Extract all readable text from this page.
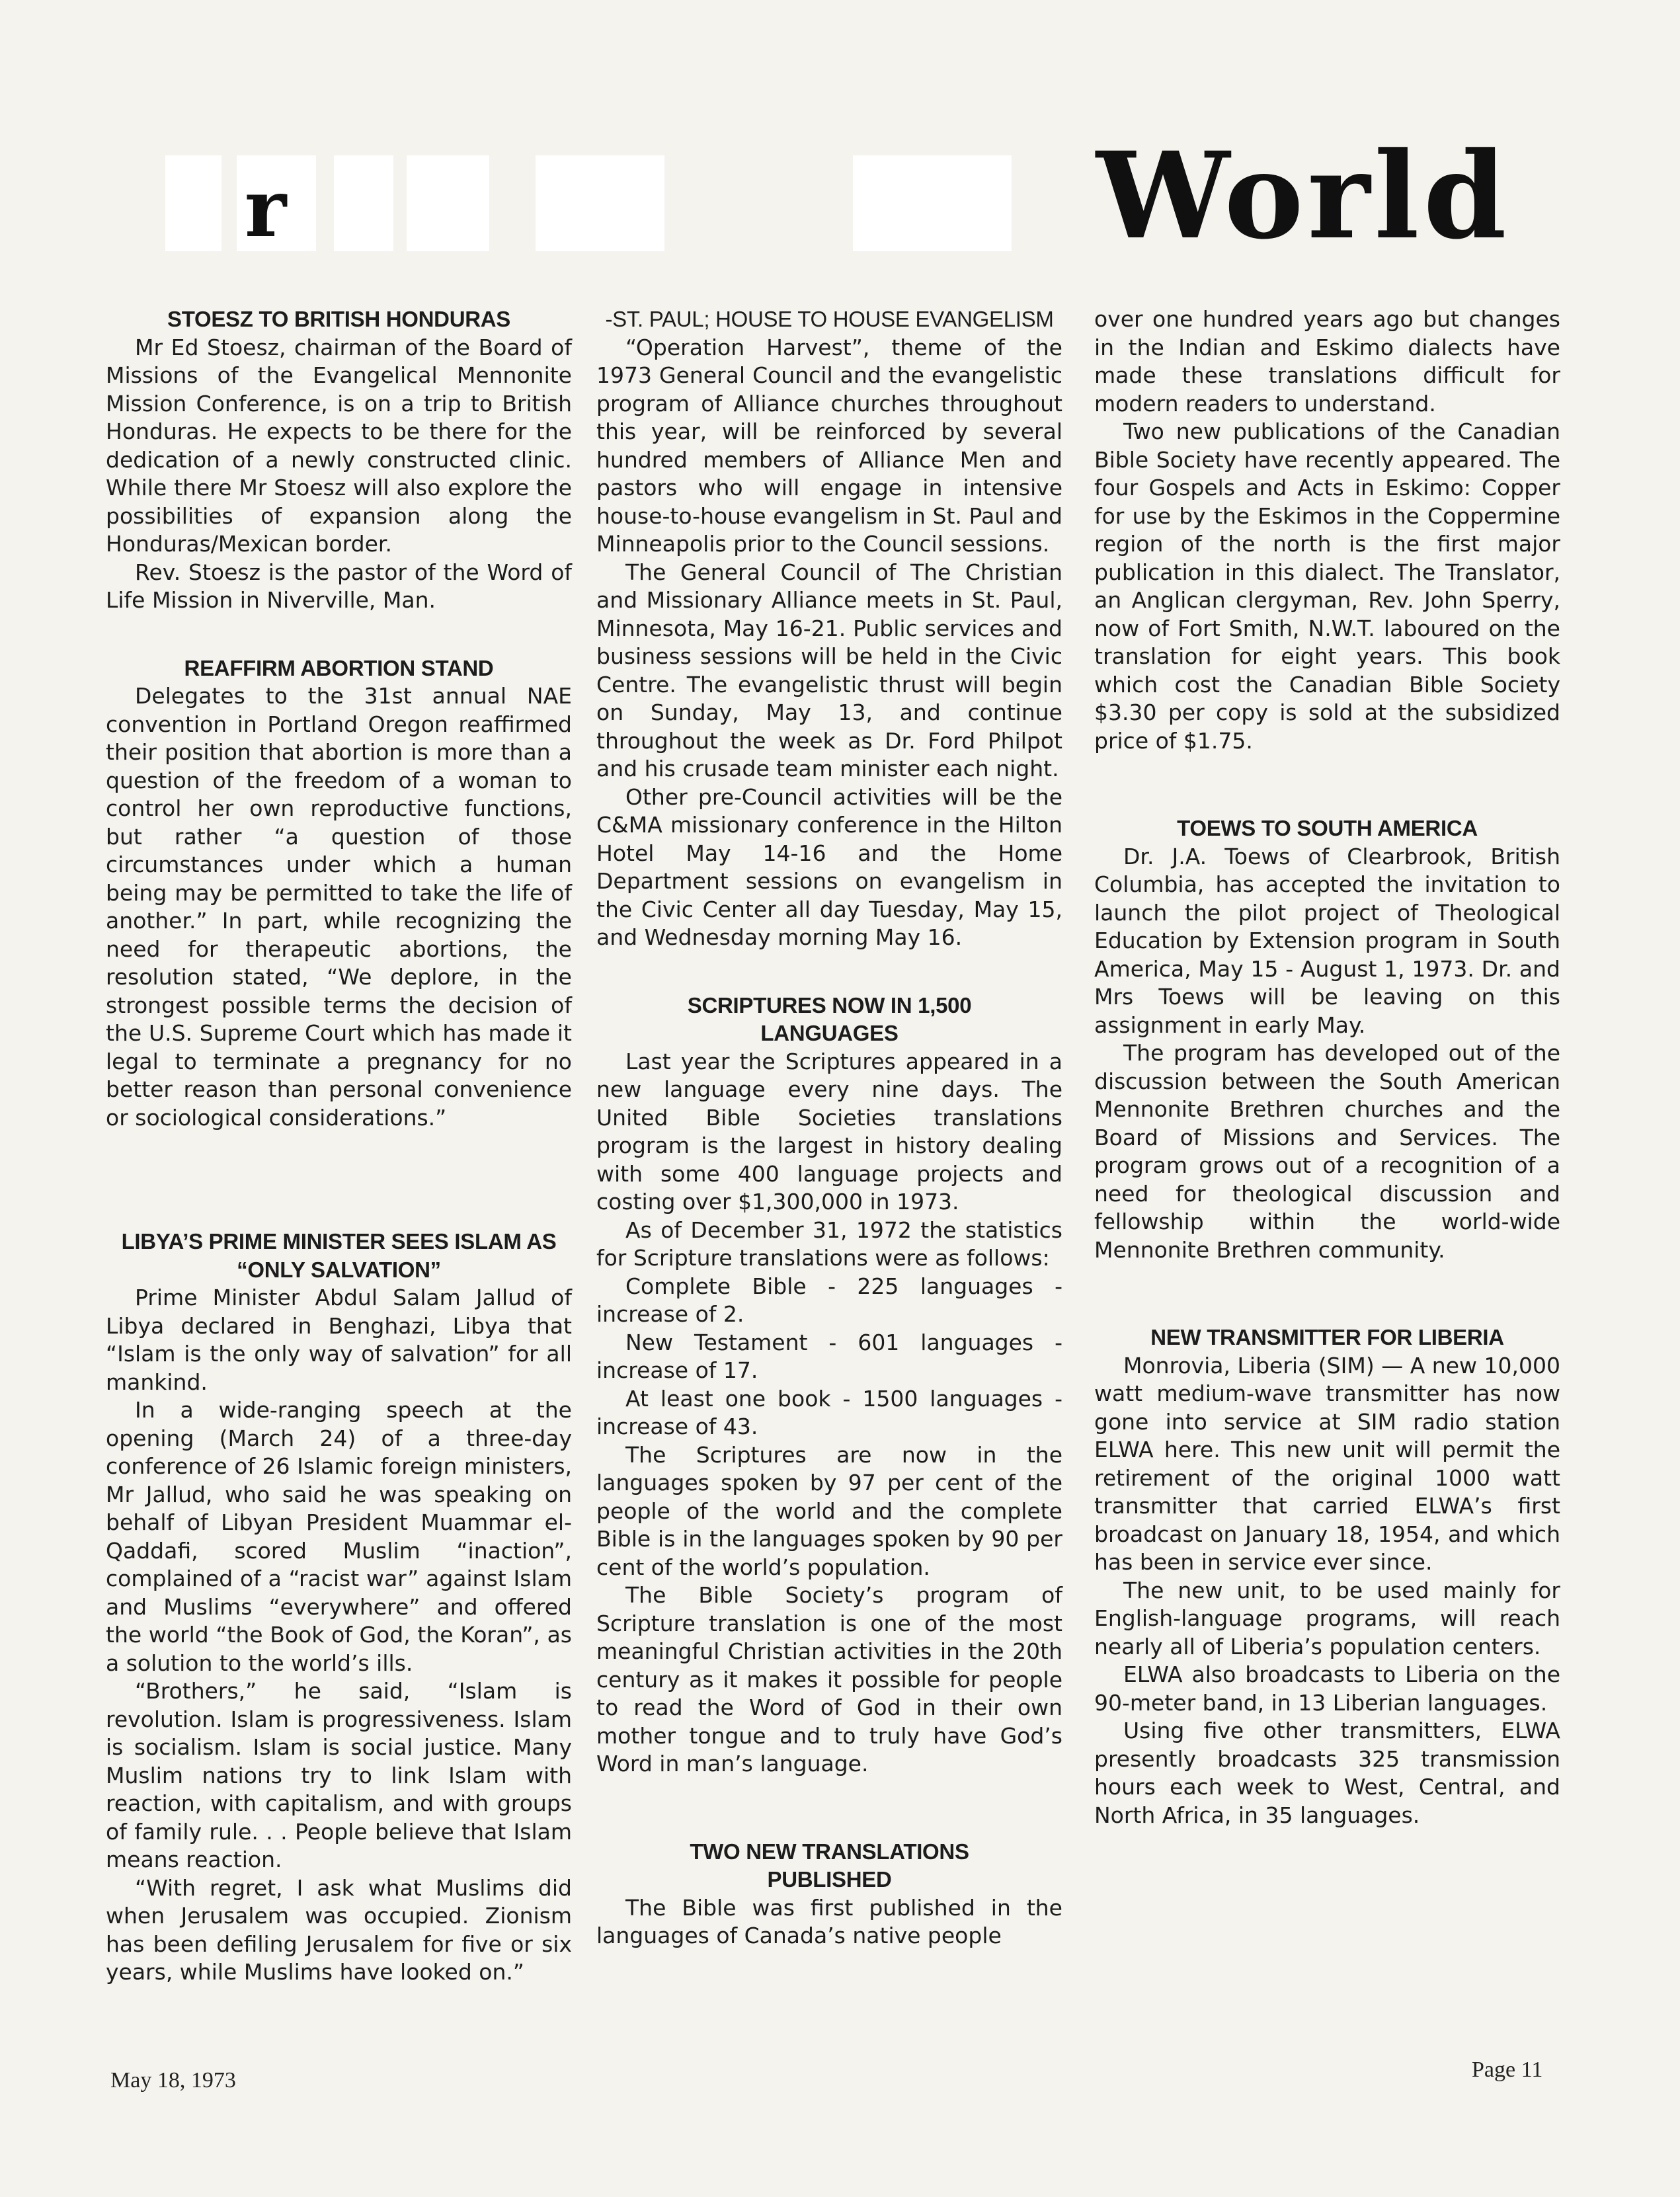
r	World
STOESZ TO BRITISH HONDURAS

Mr Ed Stoesz, chairman of the Board of Missions of the Evangelical Mennonite Mission Conference, is on a trip to British Honduras. He expects to be there for the dedication of a newly constructed clinic. While there Mr Stoesz will also explore the possibilities of expansion along the Honduras/Mexican border.

Rev. Stoesz is the pastor of the Word of Life Mission in Niverville, Man.

REAFFIRM ABORTION STAND

Delegates to the 31st annual NAE convention in Portland Oregon reaffirmed their position that abortion is more than a question of the freedom of a woman to control her own reproductive functions, but rather “a question of those circumstances under which a human being may be permitted to take the life of another.” In part, while recognizing the need for therapeutic abortions, the resolution stated, “We deplore, in the strongest possible terms the decision of the U.S. Supreme Court which has made it legal to terminate a pregnancy for no better reason than personal convenience or sociological considerations.”

LIBYA’S PRIME MINISTER SEES ISLAM AS “ONLY SALVATION”

Prime Minister Abdul Salam Jallud of Libya declared in Benghazi, Libya that “Islam is the only way of salvation” for all mankind.

In a wide-ranging speech at the opening (March 24) of a three-day conference of 26 Islamic foreign ministers, Mr Jallud, who said he was speaking on behalf of Libyan President Muammar el-Qaddafi, scored Muslim “inaction”, complained of a “racist war” against Islam and Muslims “everywhere” and offered the world “the Book of God, the Koran”, as a solution to the world’s ills.

“Brothers,” he said, “Islam is revolution. Islam is progressiveness. Islam is socialism. Islam is social justice. Many Muslim nations try to link Islam with reaction, with capitalism, and with groups of family rule. . . People believe that Islam means reaction.

“With regret, I ask what Muslims did when Jerusalem was occupied. Zionism has been defiling Jerusalem for five or six years, while Muslims have looked on.”

-ST. PAUL; HOUSE TO HOUSE EVANGELISM

“Operation Harvest”, theme of the 1973 General Council and the evangelistic program of Alliance churches throughout this year, will be reinforced by several hundred members of Alliance Men and pastors who will engage in intensive house-to-house evangelism in St. Paul and Minneapolis prior to the Council sessions.

The General Council of The Christian and Missionary Alliance meets in St. Paul, Minnesota, May 16-21. Public services and business sessions will be held in the Civic Centre. The evangelistic thrust will begin on Sunday, May 13, and continue throughout the week as Dr. Ford Philpot and his crusade team minister each night.

Other pre-Council activities will be the C&MA missionary conference in the Hilton Hotel May 14-16 and the Home Department sessions on evangelism in the Civic Center all day Tuesday, May 15, and Wednesday morning May 16.

SCRIPTURES NOW IN 1,500 LANGUAGES

Last year the Scriptures appeared in a new language every nine days. The United Bible Societies translations program is the largest in history dealing with some 400 language projects and costing over $1,300,000 in 1973.

As of December 31, 1972 the statistics for Scripture translations were as follows:

Complete Bible - 225 languages - increase of 2.

New Testament - 601 languages - increase of 17.

At least one book - 1500 languages - increase of 43.

The Scriptures are now in the languages spoken by 97 per cent of the people of the world and the complete Bible is in the languages spoken by 90 per cent of the world’s population.

The Bible Society’s program of Scripture translation is one of the most meaningful Christian activities in the 20th century as it makes it possible for people to read the Word of God in their own mother tongue and to truly have God’s Word in man’s language.

TWO NEW TRANSLATIONS PUBLISHED

The Bible was first published in the languages of Canada’s native people

over one hundred years ago but changes in the Indian and Eskimo dialects have made these translations difficult for modern readers to understand.

Two new publications of the Canadian Bible Society have recently appeared. The four Gospels and Acts in Eskimo: Copper for use by the Eskimos in the Coppermine region of the north is the first major publication in this dialect. The Translator, an Anglican clergyman, Rev. John Sperry, now of Fort Smith, N.W.T. laboured on the translation for eight years. This book which cost the Canadian Bible Society $3.30 per copy is sold at the subsidized price of $1.75.

TOEWS TO SOUTH AMERICA

Dr. J.A. Toews of Clearbrook, British Columbia, has accepted the invitation to launch the pilot project of Theological Education by Extension program in South America, May 15 - August 1, 1973. Dr. and Mrs Toews will be leaving on this assignment in early May.

The program has developed out of the discussion between the South American Mennonite Brethren churches and the Board of Missions and Services. The program grows out of a recognition of a need for theological discussion and fellowship within the world-wide Mennonite Brethren community.

NEW TRANSMITTER FOR LIBERIA

Monrovia, Liberia (SIM) — A new 10,000 watt medium-wave transmitter has now gone into service at SIM radio station ELWA here. This new unit will permit the retirement of the original 1000 watt transmitter that carried ELWA’s first broadcast on January 18, 1954, and which has been in service ever since.

The new unit, to be used mainly for English-language programs, will reach nearly all of Liberia’s population centers.

ELWA also broadcasts to Liberia on the 90-meter band, in 13 Liberian languages.

Using five other transmitters, ELWA presently broadcasts 325 transmission hours each week to West, Central, and North Africa, in 35 languages.

May 18, 1973	Page 11
